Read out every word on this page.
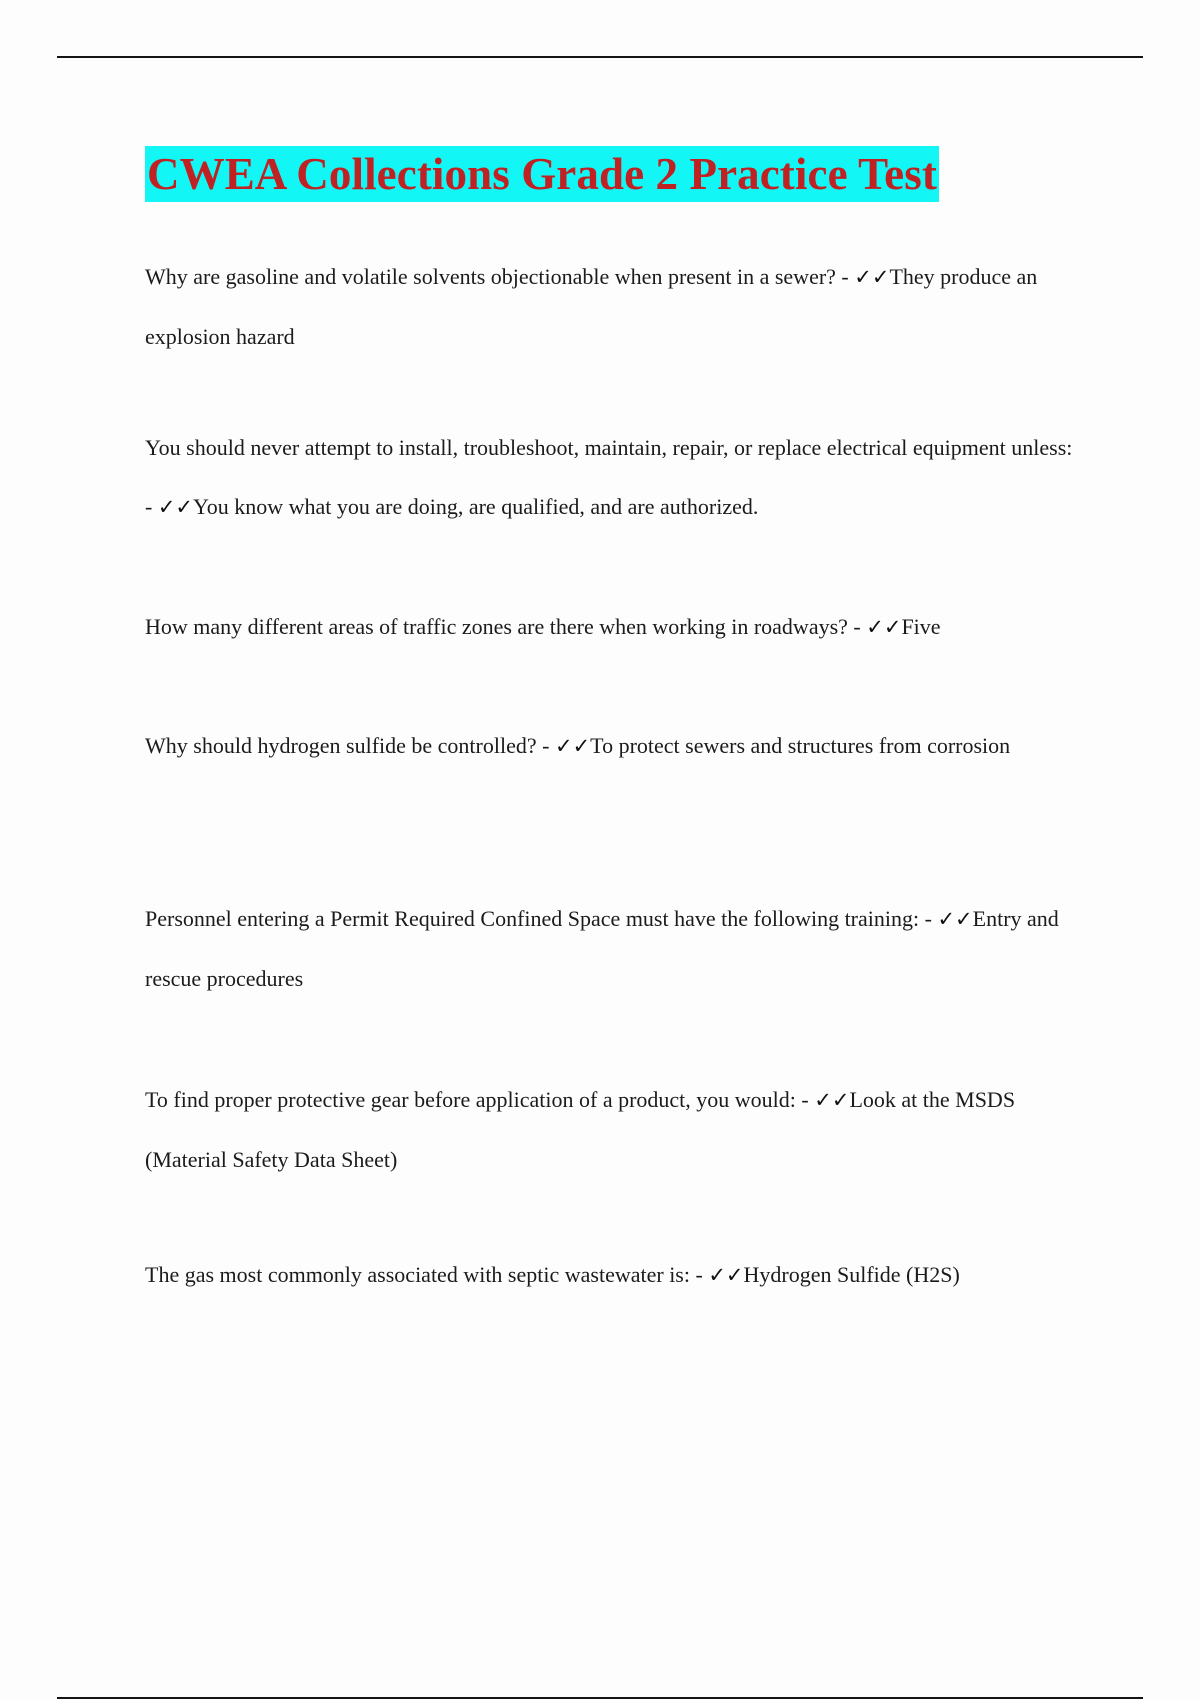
CWEA Collections Grade 2 Practice Test

Why are gasoline and volatile solvents objectionable when present in a sewer? - ✓✓They produce an explosion hazard

You should never attempt to install, troubleshoot, maintain, repair, or replace electrical equipment unless: - ✓✓You know what you are doing, are qualified, and are authorized.

How many different areas of traffic zones are there when working in roadways? - ✓✓Five

Why should hydrogen sulfide be controlled? - ✓✓To protect sewers and structures from corrosion

Personnel entering a Permit Required Confined Space must have the following training: - ✓✓Entry and rescue procedures

To find proper protective gear before application of a product, you would: - ✓✓Look at the MSDS (Material Safety Data Sheet)

The gas most commonly associated with septic wastewater is: - ✓✓Hydrogen Sulfide (H2S)
